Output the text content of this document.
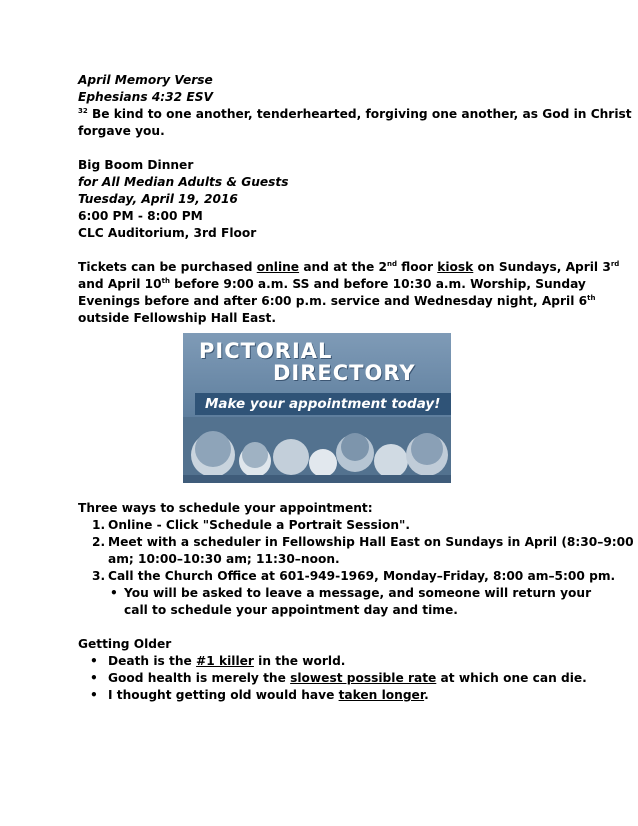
April Memory Verse
Ephesians 4:32 ESV
$^{32}$ Be kind to one another, tenderhearted, forgiving one another, as God in Christ
forgave you.
Big Boom Dinner
for All Median Adults & Guests
Tuesday, April 19, 2016
6:00 PM - 8:00 PM
CLC Auditorium, 3rd Floor
Tickets can be purchased online and at the 2nd floor kiosk on Sundays, April 3rd
and April 10th before 9:00 a.m. SS and before 10:30 a.m. Worship, Sunday
Evenings before and after 6:00 p.m. service and Wednesday night, April 6th
outside Fellowship Hall East.
PICTORIAL
DIRECTORY
Make your appointment today!
Three ways to schedule your appointment:
1. Online - Click "Schedule a Portrait Session".
2. Meet with a scheduler in Fellowship Hall East on Sundays in April (8:30–9:00
am; 10:00–10:30 am; 11:30–noon.
3. Call the Church Office at 601-949-1969, Monday–Friday, 8:00 am–5:00 pm.
• You will be asked to leave a message, and someone will return your
call to schedule your appointment day and time.
Getting Older
• Death is the #1 killer in the world.
• Good health is merely the slowest possible rate at which one can die.
• I thought getting old would have taken longer.
